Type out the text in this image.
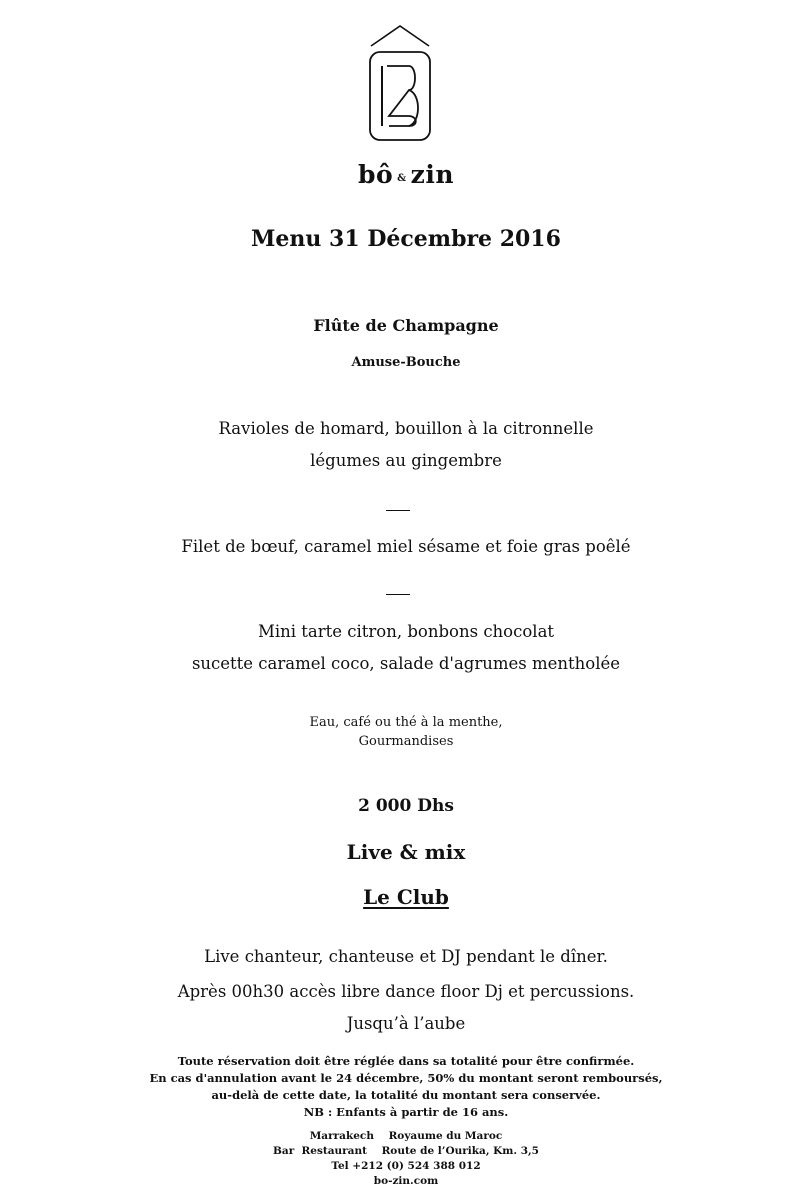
bô & zin
Menu 31 Décembre 2016
Flûte de Champagne
Amuse-Bouche
Ravioles de homard, bouillon à la citronnelle
légumes au gingembre
Filet de bœuf, caramel miel sésame et foie gras poêlé
Mini tarte citron, bonbons chocolat
sucette caramel coco, salade d'agrumes mentholée
Eau, café ou thé à la menthe,
Gourmandises
2 000 Dhs
Live & mix
Le Club
Live chanteur, chanteuse et DJ pendant le dîner.
Après 00h30 accès libre dance floor Dj et percussions.
Jusqu’à l’aube
Toute réservation doit être réglée dans sa totalité pour être confirmée.
En cas d'annulation avant le 24 décembre, 50% du montant seront remboursés,
au-delà de cette date, la totalité du montant sera conservée.
NB : Enfants à partir de 16 ans.
Marrakech    Royaume du Maroc
Bar  Restaurant    Route de l’Ourika, Km. 3,5
Tel +212 (0) 524 388 012
bo-zin.com
